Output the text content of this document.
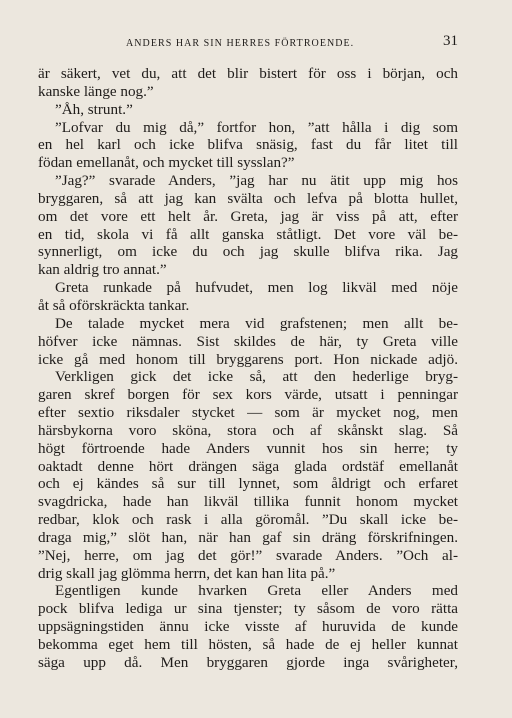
ANDERS HAR SIN HERRES FÖRTROENDE.	31
är säkert, vet du, att det blir bistert för oss i början, och
kanske länge nog.”
”Åh, strunt.”
”Lofvar du mig då,” fortfor hon, ”att hålla i dig som
en hel karl och icke blifva snäsig, fast du får litet till
födan emellanåt, och mycket till sysslan?”
”Jag?” svarade Anders, ”jag har nu ätit upp mig hos
bryggaren, så att jag kan svälta och lefva på blotta hullet,
om det vore ett helt år. Greta, jag är viss på att, efter
en tid, skola vi få allt ganska ståtligt. Det vore väl be-
synnerligt, om icke du och jag skulle blifva rika. Jag
kan aldrig tro annat.”
Greta runkade på hufvudet, men log likväl med nöje
åt så oförskräckta tankar.
De talade mycket mera vid grafstenen; men allt be-
höfver icke nämnas. Sist skildes de här, ty Greta ville
icke gå med honom till bryggarens port. Hon nickade adjö.
Verkligen gick det icke så, att den hederlige bryg-
garen skref borgen för sex kors värde, utsatt i penningar
efter sextio riksdaler stycket — som är mycket nog, men
härsbykorna voro sköna, stora och af skånskt slag. Så
högt förtroende hade Anders vunnit hos sin herre; ty
oaktadt denne hört drängen säga glada ordstäf emellanåt
och ej kändes så sur till lynnet, som åldrigt och erfaret
svagdricka, hade han likväl tillika funnit honom mycket
redbar, klok och rask i alla göromål. ”Du skall icke be-
draga mig,” slöt han, när han gaf sin dräng förskrifningen.
”Nej, herre, om jag det gör!” svarade Anders. ”Och al-
drig skall jag glömma herrn, det kan han lita på.”
Egentligen kunde hvarken Greta eller Anders med
pock blifva lediga ur sina tjenster; ty såsom de voro rätta
uppsägningstiden ännu icke visste af huruvida de kunde
bekomma eget hem till hösten, så hade de ej heller kunnat
säga upp då. Men bryggaren gjorde inga svårigheter,
